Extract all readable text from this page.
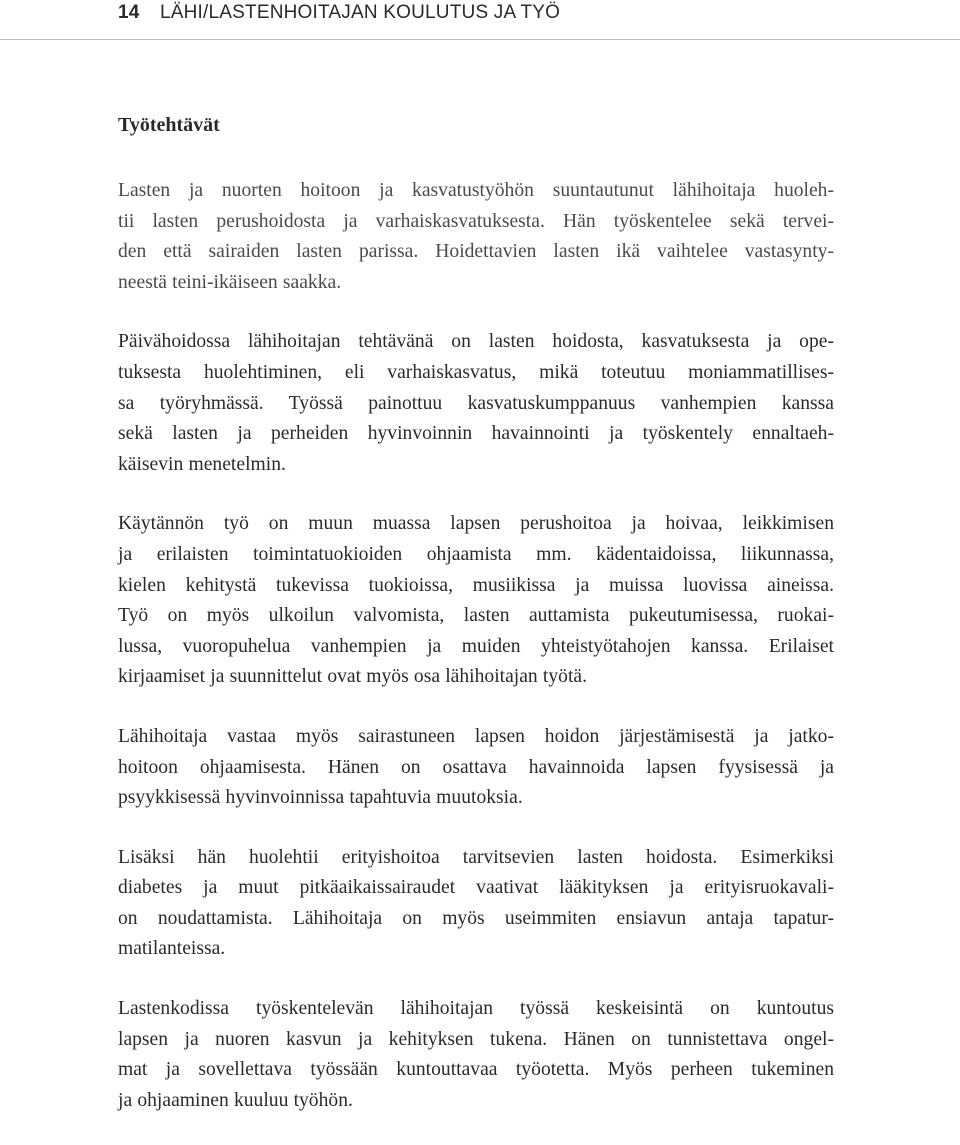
14 LÄHI/LASTENHOITAJAN KOULUTUS JA TYÖ
Työtehtävät

Lasten ja nuorten hoitoon ja kasvatustyöhön suuntautunut lähihoitaja huoleh-
tii lasten perushoidosta ja varhaiskasvatuksesta. Hän työskentelee sekä tervei-
den että sairaiden lasten parissa. Hoidettavien lasten ikä vaihtelee vastasynty-
neestä teini-ikäiseen saakka.

Päivähoidossa lähihoitajan tehtävänä on lasten hoidosta, kasvatuksesta ja ope-
tuksesta huolehtiminen, eli varhaiskasvatus, mikä toteutuu moniammatillises-
sa työryhmässä. Työssä painottuu kasvatuskumppanuus vanhempien kanssa
sekä lasten ja perheiden hyvinvoinnin havainnointi ja työskentely ennaltaeh-
käisevin menetelmin.

Käytännön työ on muun muassa lapsen perushoitoa ja hoivaa, leikkimisen
ja erilaisten toimintatuokioiden ohjaamista mm. kädentaidoissa, liikunnassa,
kielen kehitystä tukevissa tuokioissa, musiikissa ja muissa luovissa aineissa.
Työ on myös ulkoilun valvomista, lasten auttamista pukeutumisessa, ruokai-
lussa, vuoropuhelua vanhempien ja muiden yhteistyötahojen kanssa. Erilaiset
kirjaamiset ja suunnittelut ovat myös osa lähihoitajan työtä.

Lähihoitaja vastaa myös sairastuneen lapsen hoidon järjestämisestä ja jatko-
hoitoon ohjaamisesta. Hänen on osattava havainnoida lapsen fyysisessä ja
psyykkisessä hyvinvoinnissa tapahtuvia muutoksia.

Lisäksi hän huolehtii erityishoitoa tarvitsevien lasten hoidosta. Esimerkiksi
diabetes ja muut pitkäaikaissairaudet vaativat lääkityksen ja erityisruokavali-
on noudattamista. Lähihoitaja on myös useimmiten ensiavun antaja tapatur-
matilanteissa.

Lastenkodissa työskentelevän lähihoitajan työssä keskeisintä on kuntoutus
lapsen ja nuoren kasvun ja kehityksen tukena. Hänen on tunnistettava ongel-
mat ja sovellettava työssään kuntouttavaa työotetta. Myös perheen tukeminen
ja ohjaaminen kuuluu työhön.
